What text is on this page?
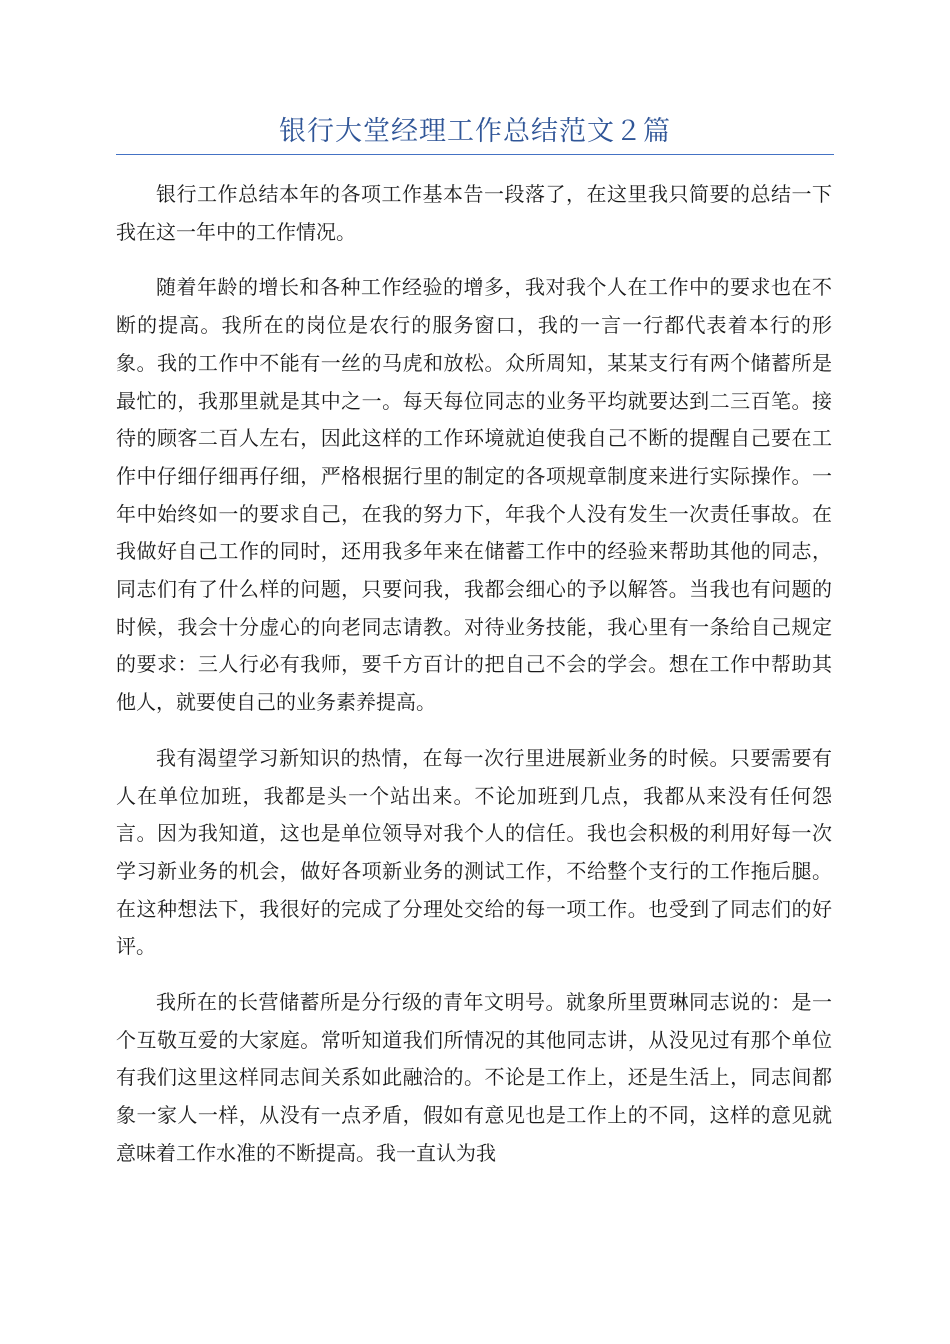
银行大堂经理工作总结范文２篇

银行工作总结本年的各项工作基本告一段落了，在这里我只简要的总结一下我在这一年中的工作情况。

随着年龄的增长和各种工作经验的增多，我对我个人在工作中的要求也在不断的提高。我所在的岗位是农行的服务窗口，我的一言一行都代表着本行的形象。我的工作中不能有一丝的马虎和放松。众所周知，某某支行有两个储蓄所是最忙的，我那里就是其中之一。每天每位同志的业务平均就要达到二三百笔。接待的顾客二百人左右，因此这样的工作环境就迫使我自己不断的提醒自己要在工作中仔细仔细再仔细，严格根据行里的制定的各项规章制度来进行实际操作。一年中始终如一的要求自己，在我的努力下，年我个人没有发生一次责任事故。在我做好自己工作的同时，还用我多年来在储蓄工作中的经验来帮助其他的同志，同志们有了什么样的问题，只要问我，我都会细心的予以解答。当我也有问题的时候，我会十分虚心的向老同志请教。对待业务技能，我心里有一条给自己规定的要求：三人行必有我师，要千方百计的把自己不会的学会。想在工作中帮助其他人，就要使自己的业务素养提高。

我有渴望学习新知识的热情，在每一次行里进展新业务的时候。只要需要有人在单位加班，我都是头一个站出来。不论加班到几点，我都从来没有任何怨言。因为我知道，这也是单位领导对我个人的信任。我也会积极的利用好每一次学习新业务的机会，做好各项新业务的测试工作，不给整个支行的工作拖后腿。在这种想法下，我很好的完成了分理处交给的每一项工作。也受到了同志们的好评。

我所在的长营储蓄所是分行级的青年文明号。就象所里贾琳同志说的：是一个互敬互爱的大家庭。常听知道我们所情况的其他同志讲，从没见过有那个单位有我们这里这样同志间关系如此融洽的。不论是工作上，还是生活上，同志间都象一家人一样，从没有一点矛盾，假如有意见也是工作上的不同，这样的意见就意味着工作水准的不断提高。我一直认为我
